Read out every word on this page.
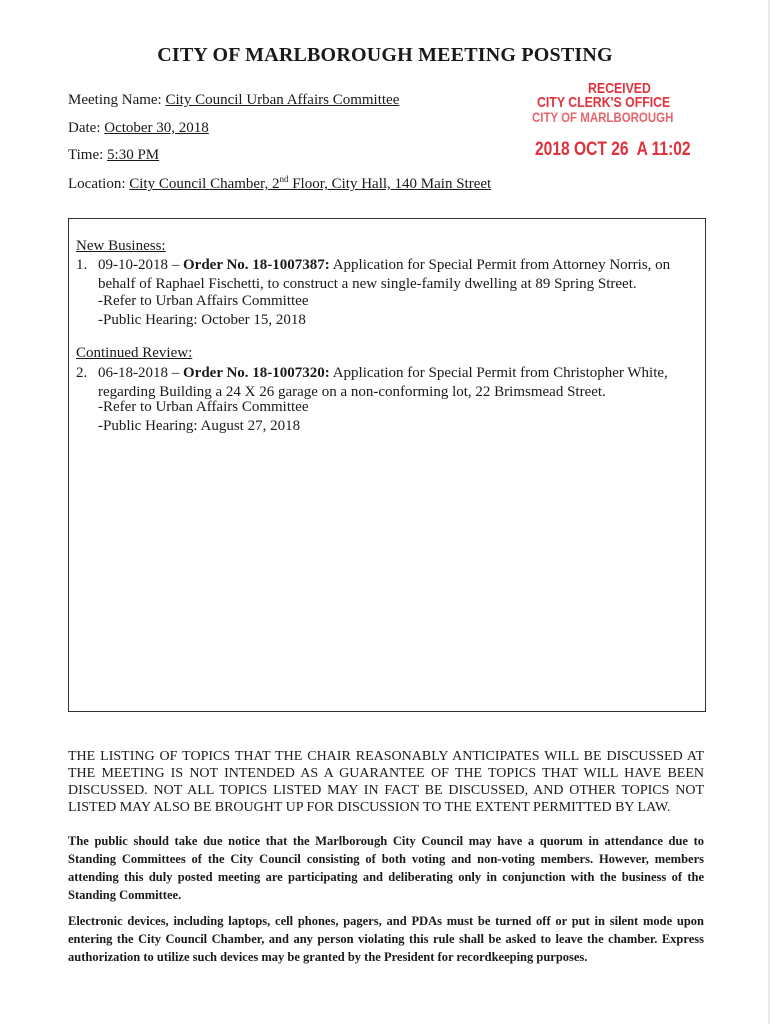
CITY OF MARLBOROUGH MEETING POSTING
Meeting Name: City Council Urban Affairs Committee
Date: October 30, 2018
Time: 5:30 PM
Location: City Council Chamber, 2nd Floor, City Hall, 140 Main Street
RECEIVED
CITY CLERK'S OFFICE
CITY OF MARLBOROUGH
2018 OCT 26  A 11:02
New Business:
1. 09-10-2018 – Order No. 18-1007387: Application for Special Permit from Attorney Norris, on behalf of Raphael Fischetti, to construct a new single-family dwelling at 89 Spring Street.
-Refer to Urban Affairs Committee
-Public Hearing: October 15, 2018
Continued Review:
2. 06-18-2018 – Order No. 18-1007320: Application for Special Permit from Christopher White, regarding Building a 24 X 26 garage on a non-conforming lot, 22 Brimsmead Street.
-Refer to Urban Affairs Committee
-Public Hearing: August 27, 2018
THE LISTING OF TOPICS THAT THE CHAIR REASONABLY ANTICIPATES WILL BE DISCUSSED AT THE MEETING IS NOT INTENDED AS A GUARANTEE OF THE TOPICS THAT WILL HAVE BEEN DISCUSSED. NOT ALL TOPICS LISTED MAY IN FACT BE DISCUSSED, AND OTHER TOPICS NOT LISTED MAY ALSO BE BROUGHT UP FOR DISCUSSION TO THE EXTENT PERMITTED BY LAW.
The public should take due notice that the Marlborough City Council may have a quorum in attendance due to Standing Committees of the City Council consisting of both voting and non-voting members. However, members attending this duly posted meeting are participating and deliberating only in conjunction with the business of the Standing Committee.
Electronic devices, including laptops, cell phones, pagers, and PDAs must be turned off or put in silent mode upon entering the City Council Chamber, and any person violating this rule shall be asked to leave the chamber. Express authorization to utilize such devices may be granted by the President for recordkeeping purposes.
